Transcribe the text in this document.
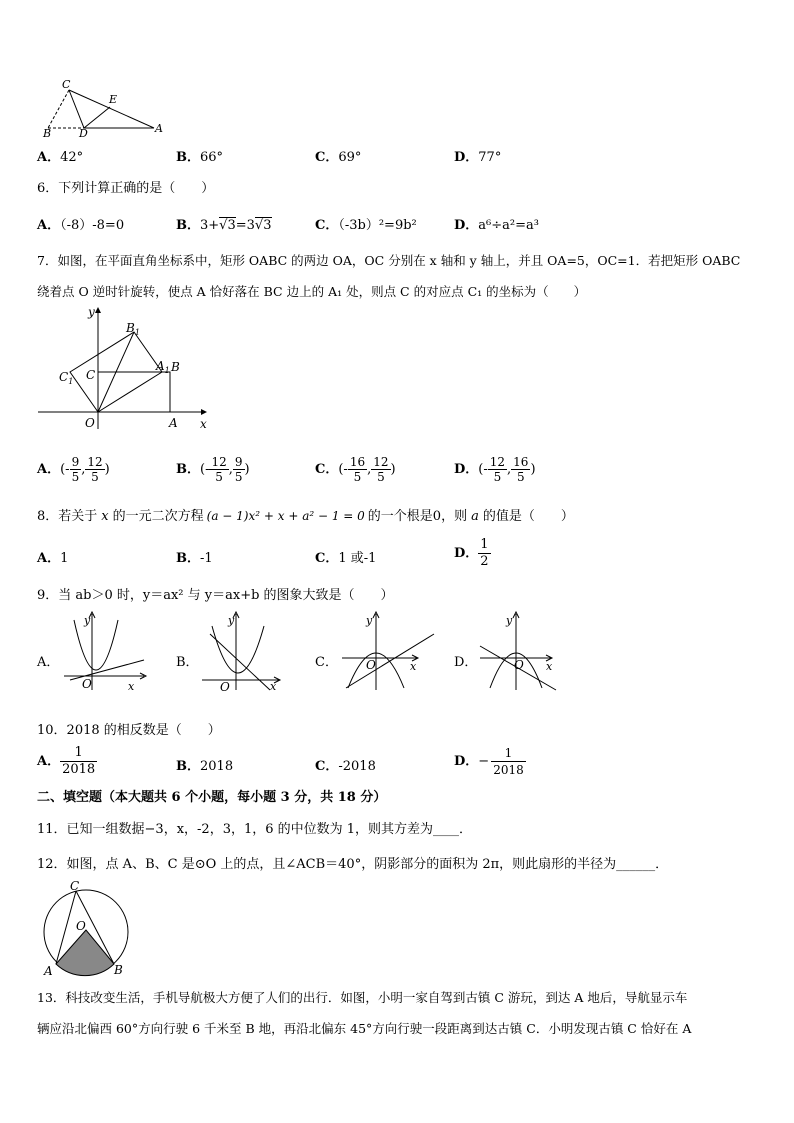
C
E
B	D	A
A．42°	B．66°	C．69°	D．77°
6．下列计算正确的是（　　）
A．（-8）-8=0	B．3+√3=3√3	C．（-3b）²=9b²	D．a⁶÷a²=a³
7．如图，在平面直角坐标系中，矩形 OABC 的两边 OA，OC 分别在 x 轴和 y 轴上，并且 OA=5，OC=1．若把矩形 OABC
绕着点 O 逆时针旋转，使点 A 恰好落在 BC 边上的 A₁ 处，则点 C 的对应点 C₁ 的坐标为（　　）
y
x
O	A
B
C
$B_1$
$A_1$
$C_1$
A．(- $\frac{9}{5}$ , $\frac{12}{5}$ )	B．(- $\frac{12}{5}$ , $\frac{9}{5}$ )	C．(- $\frac{16}{5}$ , $\frac{12}{5}$ )	D．(- $\frac{12}{5}$ , $\frac{16}{5}$ )
8．若关于 x 的一元二次方程 (a − 1)x² + x + a² − 1 = 0 的一个根是0，则 a 的值是（　　）
A．1	B．-1	C．1 或-1	D． $\frac{1}{2}$
9．当 ab＞0 时，y＝ax² 与 y＝ax+b 的图象大致是（　　）
A．
y
x
O
B．
y
x
O
C．
y
x
O	D．
y
x
O
10．2018 的相反数是（　　）
A． $\frac{1}{2018}$	B．2018	C．-2018	D．− $\frac{1}{2018}$
二、填空题（本大题共 6 个小题，每小题 3 分，共 18 分）
11．已知一组数据−3，x，-2，3，1，6 的中位数为 1，则其方差为____．
12．如图，点 A、B、C 是⊙O 上的点，且∠ACB＝40°，阴影部分的面积为 2π，则此扇形的半径为______．
C
O
A	B
13．科技改变生活，手机导航极大方便了人们的出行．如图，小明一家自驾到古镇 C 游玩，到达 A 地后，导航显示车
辆应沿北偏西 60°方向行驶 6 千米至 B 地，再沿北偏东 45°方向行驶一段距离到达古镇 C．小明发现古镇 C 恰好在 A
